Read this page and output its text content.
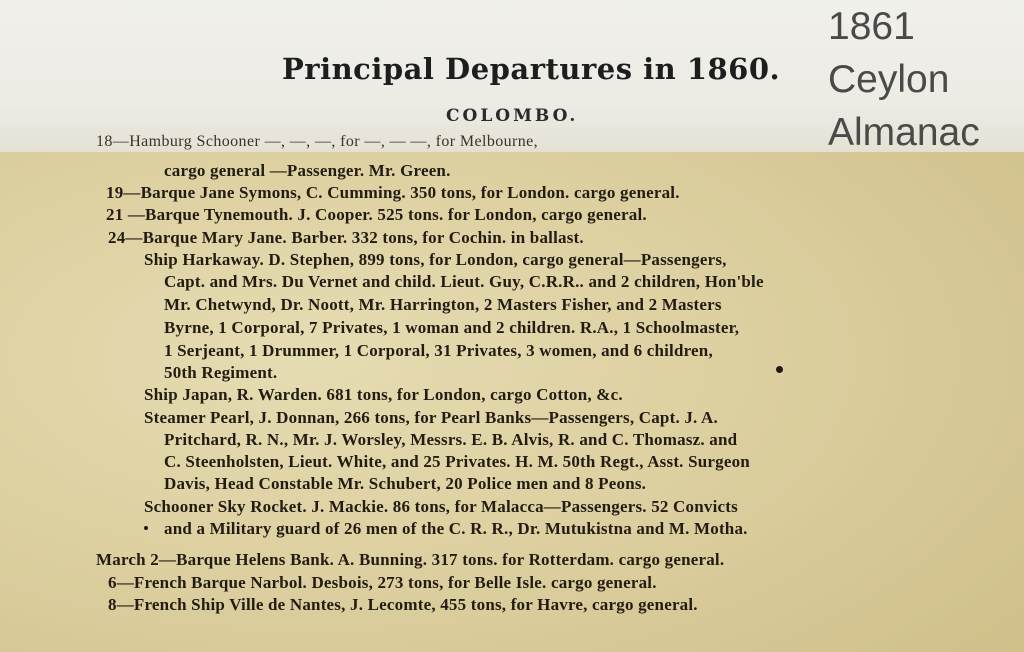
Principal Departures in 1860.
COLOMBO.
1861
Ceylon
Almanac
18—Hamburg Schooner —, —, —, for —, — —, for Melbourne,
cargo general —Passenger. Mr. Green.
19—Barque Jane Symons, C. Cumming. 350 tons, for London. cargo general.
21 —Barque Tynemouth. J. Cooper. 525 tons. for London, cargo general.
24—Barque Mary Jane. Barber. 332 tons, for Cochin. in ballast.
Ship Harkaway. D. Stephen, 899 tons, for London, cargo general—Passengers,
Capt. and Mrs. Du Vernet and child. Lieut. Guy, C.R.R.. and 2 children, Hon'ble
Mr. Chetwynd, Dr. Noott, Mr. Harrington, 2 Masters Fisher, and 2 Masters
Byrne, 1 Corporal, 7 Privates, 1 woman and 2 children. R.A., 1 Schoolmaster,
1 Serjeant, 1 Drummer, 1 Corporal, 31 Privates, 3 women, and 6 children,
50th Regiment.
Ship Japan, R. Warden. 681 tons, for London, cargo Cotton, &c.
Steamer Pearl, J. Donnan, 266 tons, for Pearl Banks—Passengers, Capt. J. A.
Pritchard, R. N., Mr. J. Worsley, Messrs. E. B. Alvis, R. and C. Thomasz. and
C. Steenholsten, Lieut. White, and 25 Privates. H. M. 50th Regt., Asst. Surgeon
Davis, Head Constable Mr. Schubert, 20 Police men and 8 Peons.
Schooner Sky Rocket. J. Mackie. 86 tons, for Malacca—Passengers. 52 Convicts
and a Military guard of 26 men of the C. R. R., Dr. Mutukistna and M. Motha.
March 2—Barque Helens Bank. A. Bunning. 317 tons. for Rotterdam. cargo general.
6—French Barque Narbol. Desbois, 273 tons, for Belle Isle. cargo general.
8—French Ship Ville de Nantes, J. Lecomte, 455 tons, for Havre, cargo general.
